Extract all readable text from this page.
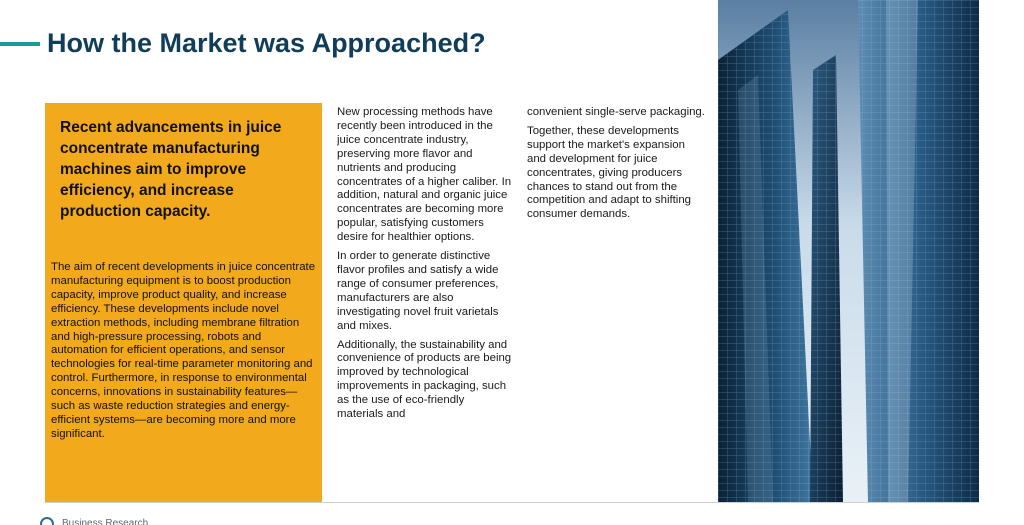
How the Market was Approached?
Recent advancements in juice concentrate manufacturing machines aim to improve efficiency, and increase production capacity.
The aim of recent developments in juice concentrate manufacturing equipment is to boost production capacity, improve product quality, and increase efficiency. These developments include novel extraction methods, including membrane filtration and high-pressure processing, robots and automation for efficient operations, and sensor technologies for real-time parameter monitoring and control. Furthermore, in response to environmental concerns, innovations in sustainability features—such as waste reduction strategies and energy-efficient systems—are becoming more and more significant.

New processing methods have recently been introduced in the juice concentrate industry, preserving more flavor and nutrients and producing concentrates of a higher caliber. In addition, natural and organic juice concentrates are becoming more popular, satisfying customers desire for healthier options.

In order to generate distinctive flavor profiles and satisfy a wide range of consumer preferences, manufacturers are also investigating novel fruit varietals and mixes.

Additionally, the sustainability and convenience of products are being improved by technological improvements in packaging, such as the use of eco-friendly materials and

convenient single-serve packaging.

Together, these developments support the market's expansion and development for juice concentrates, giving producers chances to stand out from the competition and adapt to shifting consumer demands.

Business Research
